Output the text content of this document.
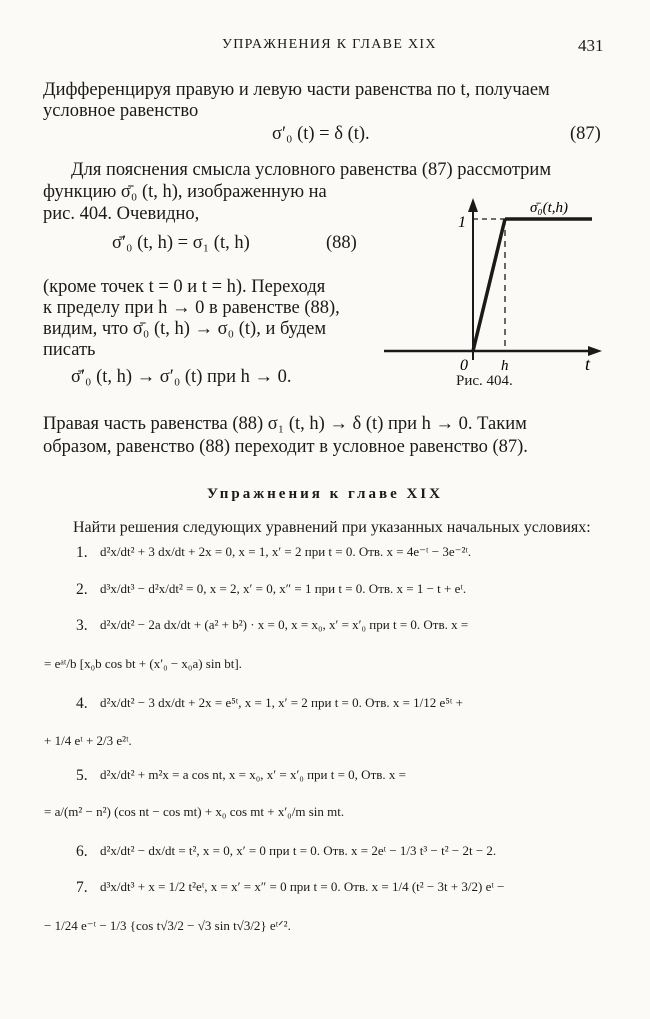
УПРАЖНЕНИЯ К ГЛАВЕ XIX	431
Дифференцируя правую и левую части равенства по t, получаем
условное равенство
σ′₀ (t) = δ (t).	(87)
Для пояснения смысла условного равенства (87) рассмотрим
функцию σ̄₀ (t, h), изображенную на
рис. 404. Очевидно,
σ̄′₀ (t, h) = σ₁ (t, h)	(88)
(кроме точек t = 0 и t = h). Переходя
к пределу при h → 0 в равенстве (88),
видим, что σ̄₀ (t, h) → σ₀ (t), и будем
писать
σ̄′₀ (t, h) → σ′₀ (t) при h → 0.
σ̄₀(t,h)
1
0 h	t
Рис. 404.
Правая часть равенства (88) σ₁ (t, h) → δ (t) при h → 0. Таким
образом, равенство (88) переходит в условное равенство (87).
Упражнения к главе XIX
Найти решения следующих уравнений при указанных начальных условиях:
1. d²x/dt² + 3 dx/dt + 2x = 0, x = 1, x′ = 2 при t = 0. Отв. x = 4e⁻ᵗ − 3e⁻²ᵗ.
2. d³x/dt³ − d²x/dt² = 0, x = 2, x′ = 0, x″ = 1 при t = 0. Отв. x = 1 − t + eᵗ.
3. d²x/dt² − 2a dx/dt + (a² + b²) · x = 0, x = x₀, x′ = x′₀ при t = 0. Отв. x =
= eᵃᵗ/b [x₀b cos bt + (x′₀ − x₀a) sin bt].
4. d²x/dt² − 3 dx/dt + 2x = e⁵ᵗ, x = 1, x′ = 2 при t = 0. Отв. x = 1/12 e⁵ᵗ +
+ 1/4 eᵗ + 2/3 e²ᵗ.
5. d²x/dt² + m²x = a cos nt, x = x₀, x′ = x′₀ при t = 0, Отв. x =
= a/(m² − n²) (cos nt − cos mt) + x₀ cos mt + x′₀/m sin mt.
6. d²x/dt² − dx/dt = t², x = 0, x′ = 0 при t = 0. Отв. x = 2eᵗ − 1/3 t³ − t² − 2t − 2.
7. d³x/dt³ + x = 1/2 t²eᵗ, x = x′ = x″ = 0 при t = 0. Отв. x = 1/4 (t² − 3t + 3/2) eᵗ −
− 1/24 e⁻ᵗ − 1/3 {cos t√3/2 − √3 sin t√3/2} eᵗᐟ².
